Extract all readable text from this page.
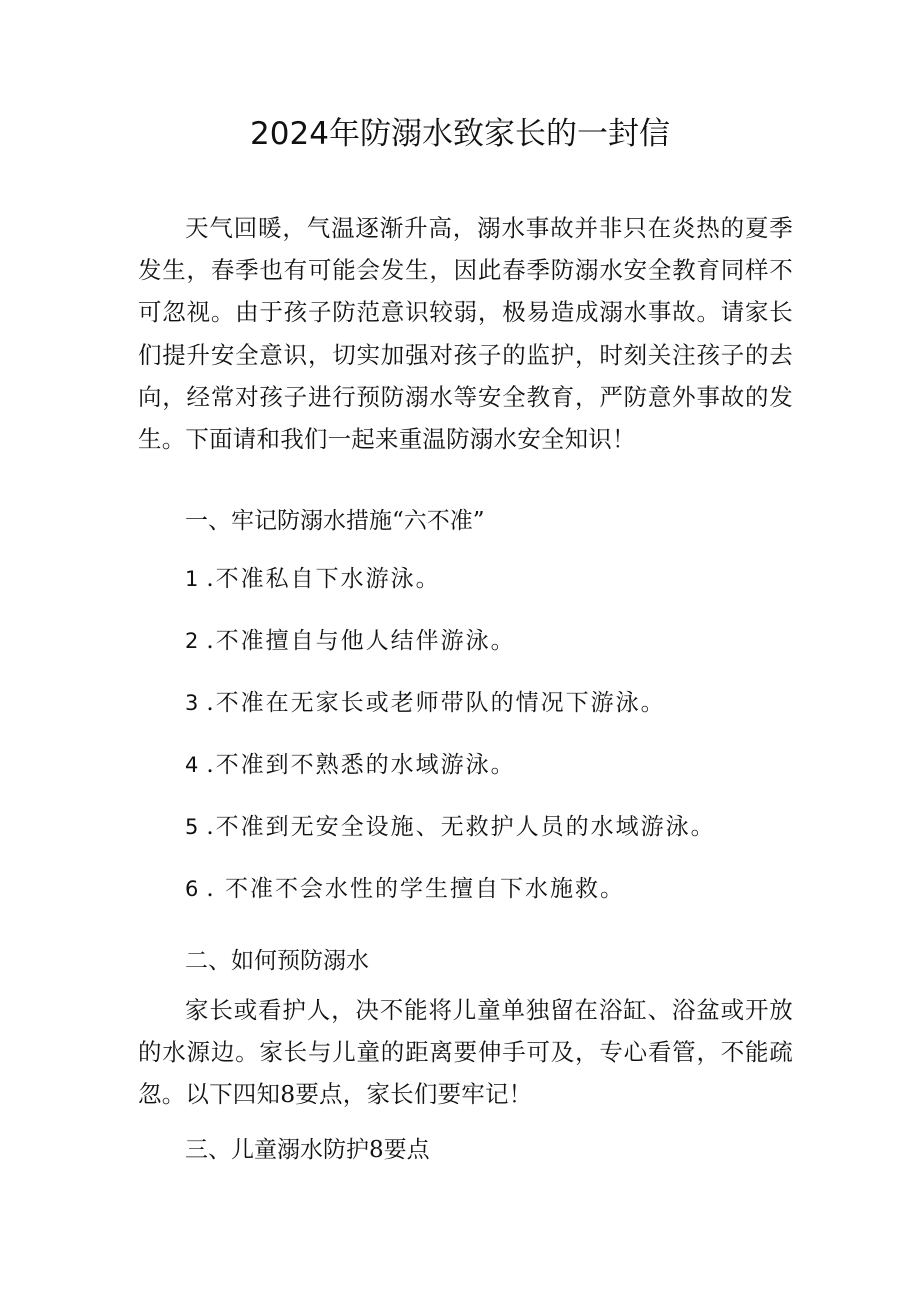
2024年防溺水致家长的一封信

天气回暖，气温逐渐升高，溺水事故并非只在炎热的夏季发生，春季也有可能会发生，因此春季防溺水安全教育同样不可忽视。由于孩子防范意识较弱，极易造成溺水事故。请家长们提升安全意识，切实加强对孩子的监护，时刻关注孩子的去向，经常对孩子进行预防溺水等安全教育，严防意外事故的发生。下面请和我们一起来重温防溺水安全知识！

一、牢记防溺水措施“六不准”

1 .不准私自下水游泳。

2 .不准擅自与他人结伴游泳。

3 .不准在无家长或老师带队的情况下游泳。

4 .不准到不熟悉的水域游泳。

5 .不准到无安全设施、无救护人员的水域游泳。

6 . 不准不会水性的学生擅自下水施救。

二、如何预防溺水

家长或看护人，决不能将儿童单独留在浴缸、浴盆或开放的水源边。家长与儿童的距离要伸手可及，专心看管，不能疏忽。以下四知8要点，家长们要牢记！

三、儿童溺水防护8要点
